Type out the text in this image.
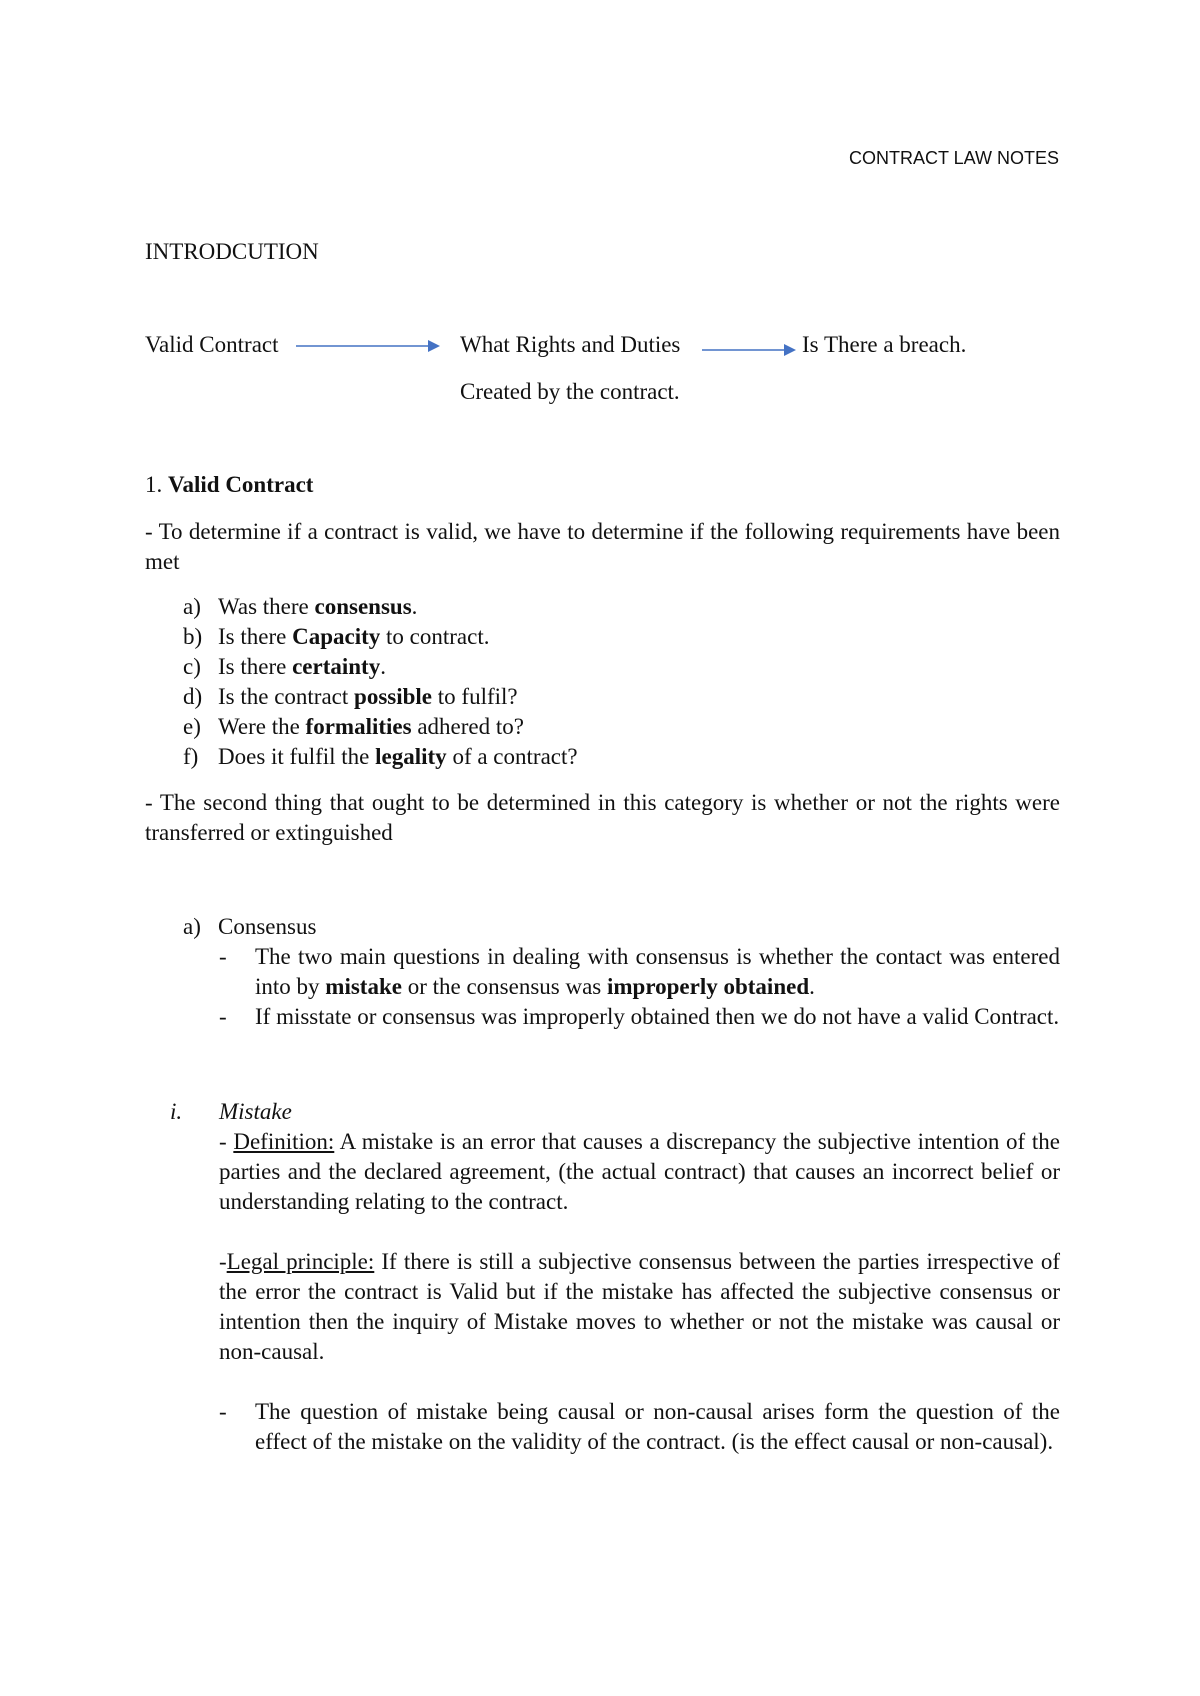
CONTRACT LAW NOTES
INTRODCUTION
Valid Contract	What Rights and Duties
Created by the contract.
Is There a breach.
1. Valid Contract
- To determine if a contract is valid, we have to determine if the following requirements have been met
a) Was there consensus.
b) Is there Capacity to contract.
c) Is there certainty.
d) Is the contract possible to fulfil?
e) Were the formalities adhered to?
f) Does it fulfil the legality of a contract?
- The second thing that ought to be determined in this category is whether or not the rights were transferred or extinguished
a) Consensus
- The two main questions in dealing with consensus is whether the contact was entered into by mistake or the consensus was improperly obtained.
- If misstate or consensus was improperly obtained then we do not have a valid Contract.
i. Mistake
- Definition: A mistake is an error that causes a discrepancy the subjective intention of the parties and the declared agreement, (the actual contract) that causes an incorrect belief or understanding relating to the contract.
-Legal principle: If there is still a subjective consensus between the parties irrespective of the error the contract is Valid but if the mistake has affected the subjective consensus or intention then the inquiry of Mistake moves to whether or not the mistake was causal or non-causal.
- The question of mistake being causal or non-causal arises form the question of the effect of the mistake on the validity of the contract. (is the effect causal or non-causal).
